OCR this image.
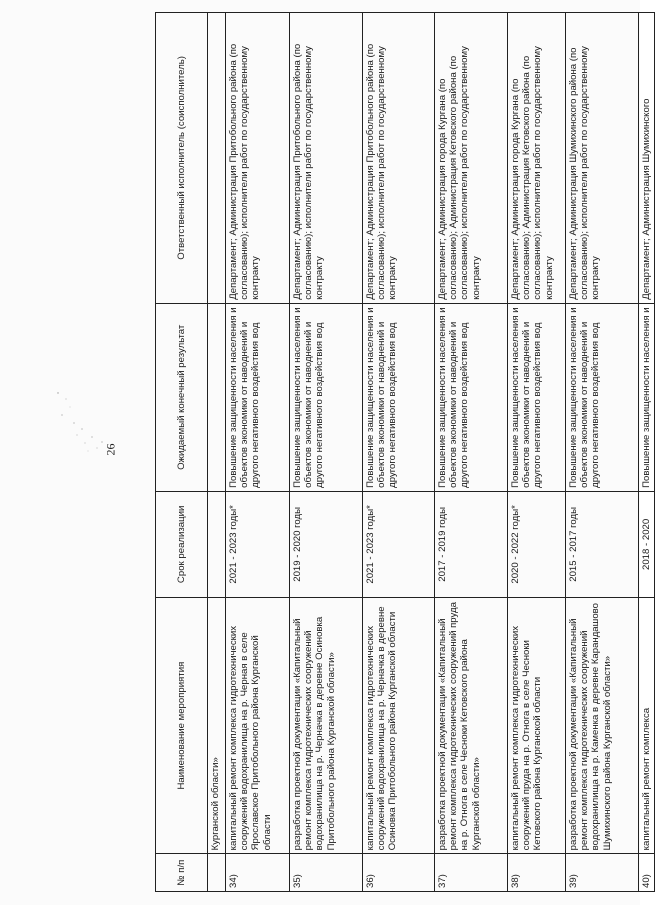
26
№ п/п	Наименование мероприятия	Срок реализации	Ожидаемый конечный результат	Ответственный исполнитель (соисполнитель)
	Курганской области»			
34)	капитальный ремонт комплекса гидротехнических сооружений водохранилища на р. Черная в селе Ярославское Притобольного района Курганской области	2021 - 2023 годы*	Повышение защищенности населения и объектов экономики от наводнений и другого негативного воздействия вод	Департамент; Администрация Притобольного района (по согласованию); исполнители работ по государственному контракту
35)	разработка проектной документации «Капитальный ремонт комплекса гидротехнических сооружений водохранилища на р. Черначка в деревне Осиновка Притобольного района Курганской области»	2019 - 2020 годы	Повышение защищенности населения и объектов экономики от наводнений и другого негативного воздействия вод	Департамент; Администрация Притобольного района (по согласованию); исполнители работ по государственному контракту
36)	капитальный ремонт комплекса гидротехнических сооружений водохранилища на р. Черначка в деревне Осиновка Притобольного района Курганской области	2021 - 2023 годы*	Повышение защищенности населения и объектов экономики от наводнений и другого негативного воздействия вод	Департамент; Администрация Притобольного района (по согласованию); исполнители работ по государственному контракту
37)	разработка проектной документации «Капитальный ремонт комплекса гидротехнических сооружений пруда на р. Отнога в селе Чесноки Кетовского района Курганской области»	2017 - 2019 годы	Повышение защищенности населения и объектов экономики от наводнений и другого негативного воздействия вод	Департамент; Администрация города Кургана (по согласованию); Администрация Кетовского района (по согласованию); исполнители работ по государственному контракту
38)	капитальный ремонт комплекса гидротехнических сооружений пруда на р. Отнога в селе Чесноки Кетовского района Курганской области	2020 - 2022 годы*	Повышение защищенности населения и объектов экономики от наводнений и другого негативного воздействия вод	Департамент; Администрация города Кургана (по согласованию); Администрация Кетовского района (по согласованию); исполнители работ по государственному контракту
39)	разработка проектной документации «Капитальный ремонт комплекса гидротехнических сооружений водохранилища на р. Каменка в деревне Карандашово Шумихинского района Курганской области»	2015 - 2017 годы	Повышение защищенности населения и объектов экономики от наводнений и другого негативного воздействия вод	Департамент; Администрация Шумихинского района (по согласованию); исполнители работ по государственному контракту
40)	капитальный ремонт комплекса	2018 - 2020	Повышение защищенности населения и	Департамент; Администрация Шумихинского
